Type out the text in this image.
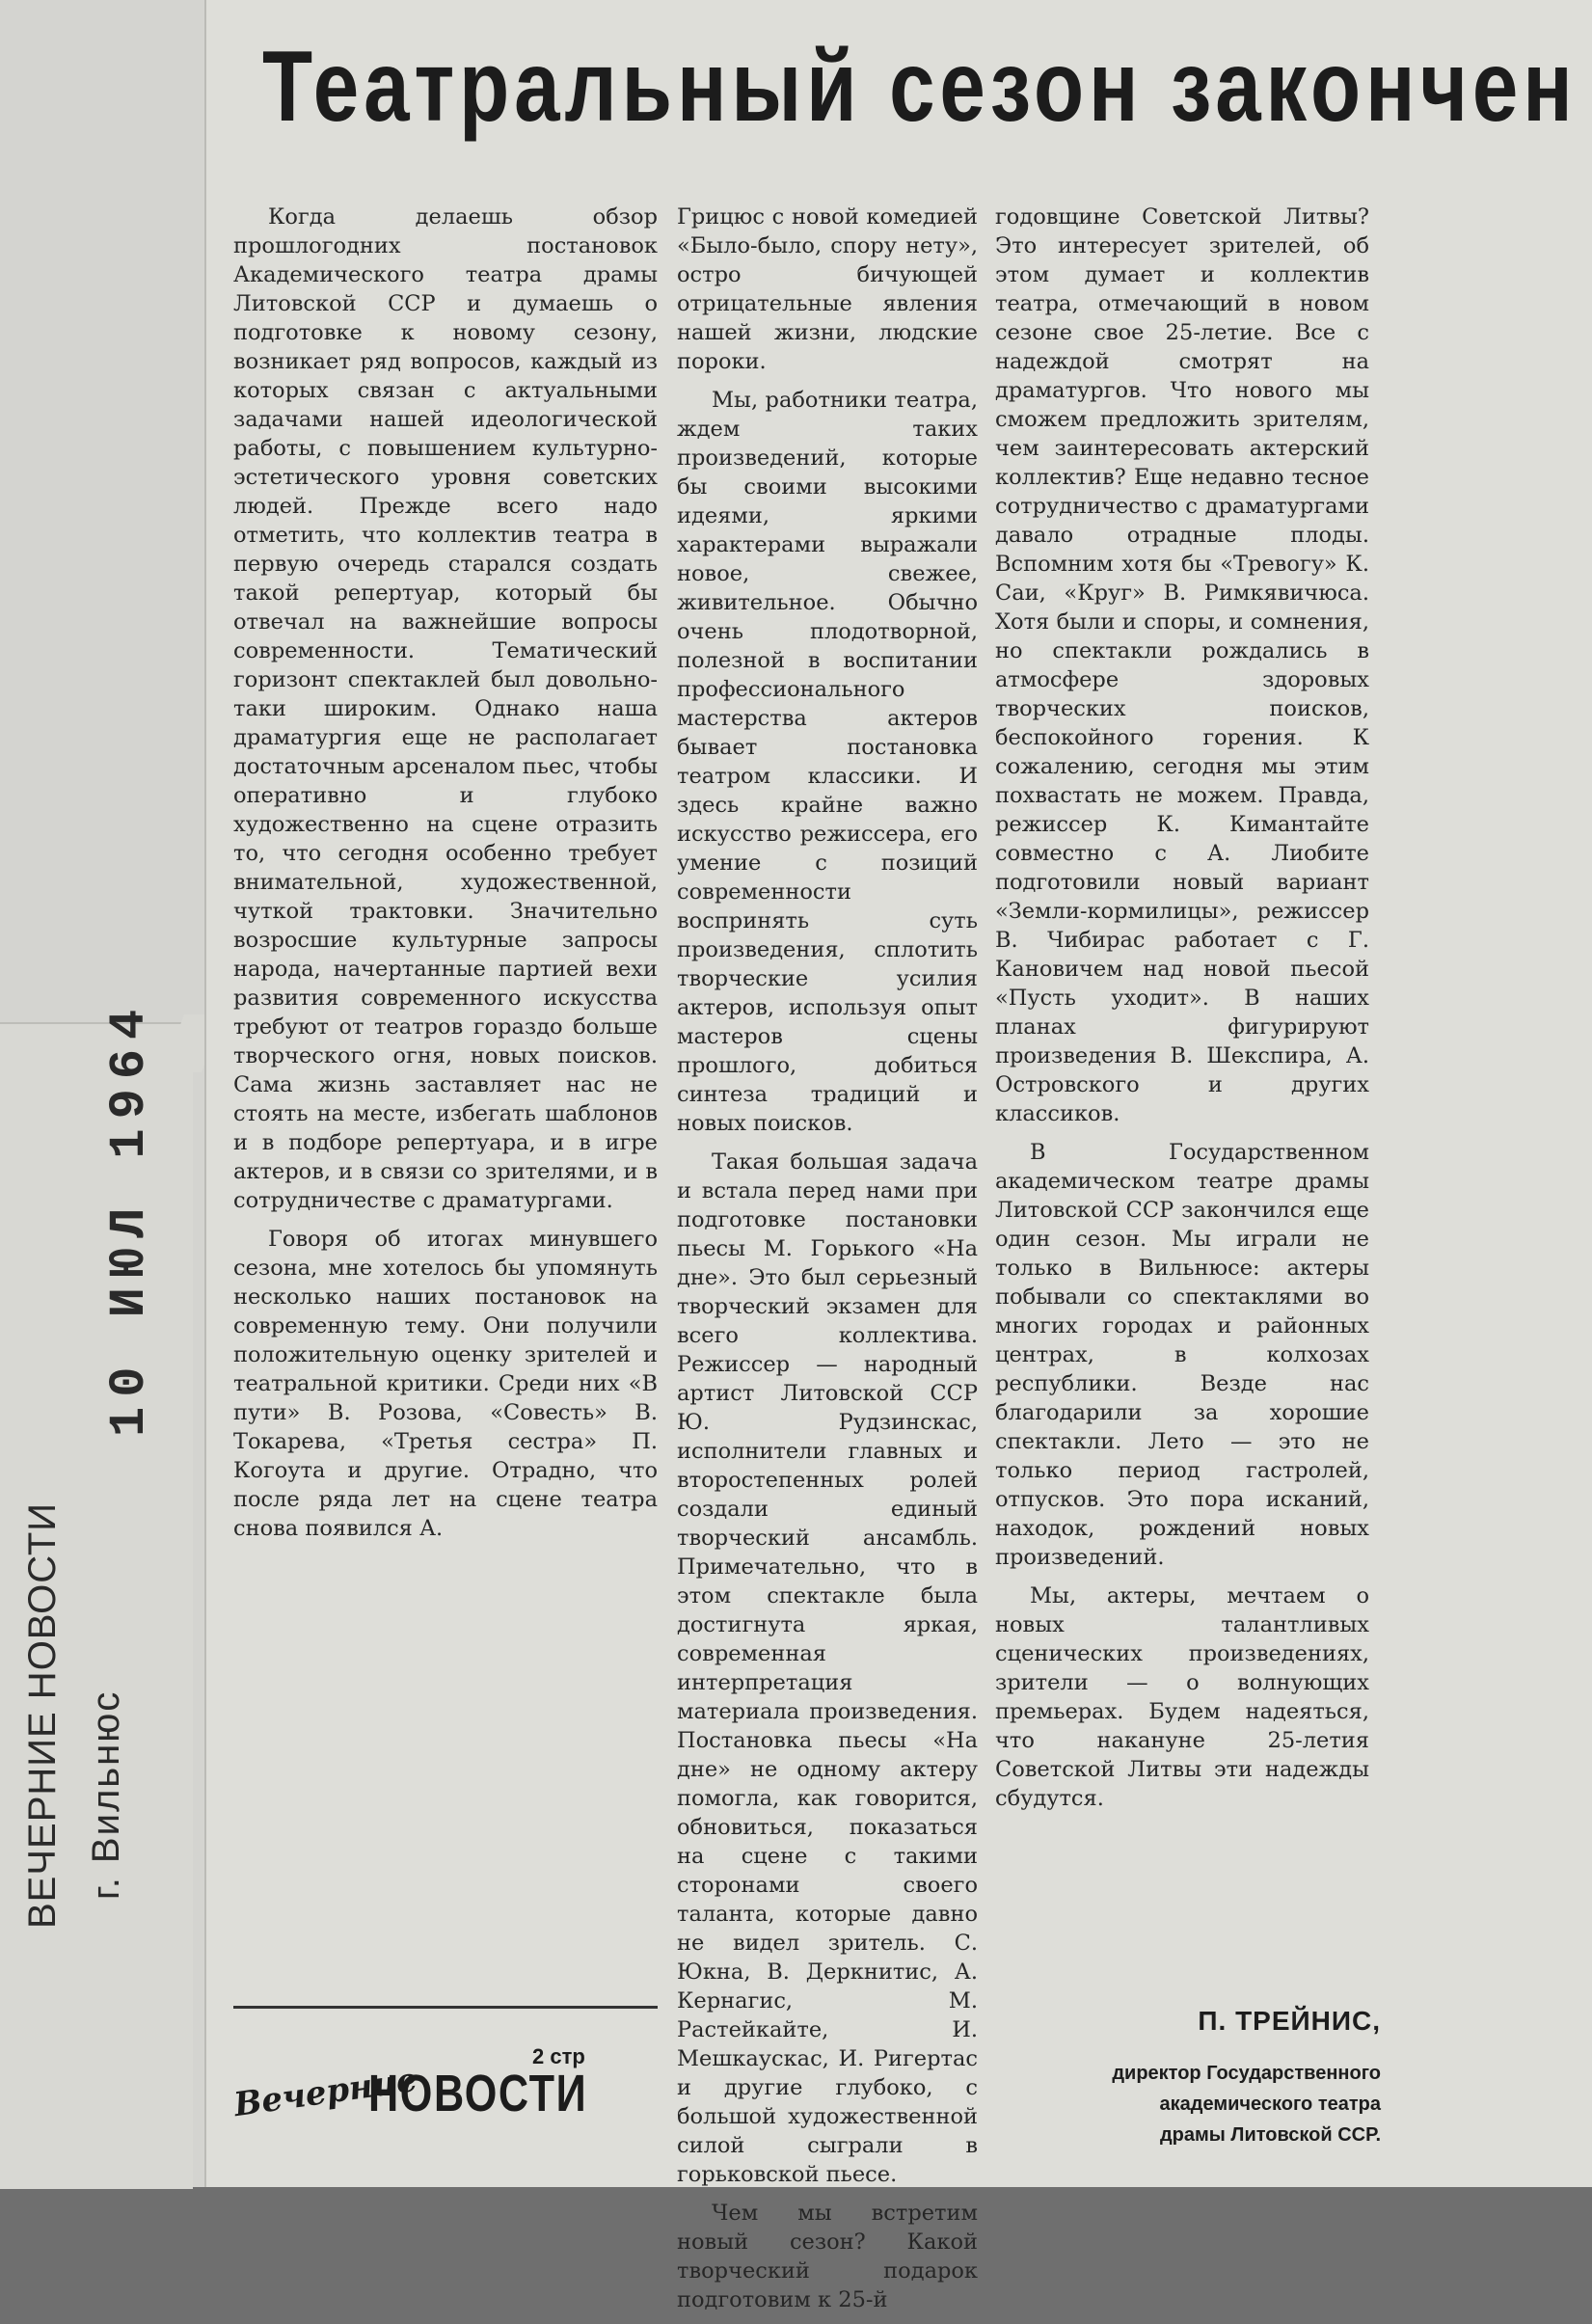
10 ИЮЛ 1964
ВЕЧЕРНИЕ НОВОСТИ г. Вильнюс
Театральный сезон закончен

Когда делаешь обзор прошлогодних постановок Академического театра драмы Литовской ССР и думаешь о подготовке к новому сезону, возникает ряд вопросов, каждый из которых связан с актуальными задачами нашей идеологической работы, с повышением культурно-эстетического уровня советских людей. Прежде всего надо отметить, что коллектив театра в первую очередь старался создать такой репертуар, который бы отвечал на важнейшие вопросы современности. Тематический горизонт спектаклей был довольно-таки широким. Однако наша драматургия еще не располагает достаточным арсеналом пьес, чтобы оперативно и глубоко художественно на сцене отразить то, что сегодня особенно требует внимательной, художественной, чуткой трактовки. Значительно возросшие культурные запросы народа, начертанные партией вехи развития современного искусства требуют от театров гораздо больше творческого огня, новых поисков. Сама жизнь заставляет нас не стоять на месте, избегать шаблонов и в подборе репертуара, и в игре актеров, и в связи со зрителями, и в сотрудничестве с драматургами.

Говоря об итогах минувшего сезона, мне хотелось бы упомянуть несколько наших постановок на современную тему. Они получили положительную оценку зрителей и театральной критики. Среди них «В пути» В. Розова, «Совесть» В. Токарева, «Третья сестра» П. Когоута и другие. Отрадно, что после ряда лет на сцене театра снова появился А.

Грицюс с новой комедией «Было-было, спору нету», остро бичующей отрицательные явления нашей жизни, людские пороки.

Мы, работники театра, ждем таких произведений, которые бы своими высокими идеями, яркими характерами выражали новое, свежее, живительное. Обычно очень плодотворной, полезной в воспитании профессионального мастерства актеров бывает постановка театром классики. И здесь крайне важно искусство режиссера, его умение с позиций современности воспринять суть произведения, сплотить творческие усилия актеров, используя опыт мастеров сцены прошлого, добиться синтеза традиций и новых поисков.

Такая большая задача и встала перед нами при подготовке постановки пьесы М. Горького «На дне». Это был серьезный творческий экзамен для всего коллектива. Режиссер — народный артист Литовской ССР Ю. Рудзинскас, исполнители главных и второстепенных ролей создали единый творческий ансамбль. Примечательно, что в этом спектакле была достигнута яркая, современная интерпретация материала произведения. Постановка пьесы «На дне» не одному актеру помогла, как говорится, обновиться, показаться на сцене с такими сторонами своего таланта, которые давно не видел зритель. С. Юкна, В. Деркнитис, А. Кернагис, М. Растейкайте, И. Мешкаускас, И. Ригертас и другие глубоко, с большой художественной силой сыграли в горьковской пьесе.

Чем мы встретим новый сезон? Какой творческий подарок подготовим к 25-й

годовщине Советской Литвы? Это интересует зрителей, об этом думает и коллектив театра, отмечающий в новом сезоне свое 25-летие. Все с надеждой смотрят на драматургов. Что нового мы сможем предложить зрителям, чем заинтересовать актерский коллектив? Еще недавно тесное сотрудничество с драматургами давало отрадные плоды. Вспомним хотя бы «Тревогу» К. Саи, «Круг» В. Римкявичюса. Хотя были и споры, и сомнения, но спектакли рождались в атмосфере здоровых творческих поисков, беспокойного горения. К сожалению, сегодня мы этим похвастать не можем. Правда, режиссер К. Кимантайте совместно с А. Лиобите подготовили новый вариант «Земли-кормилицы», режиссер В. Чибирас работает с Г. Кановичем над новой пьесой «Пусть уходит». В наших планах фигурируют произведения В. Шекспира, А. Островского и других классиков.

В Государственном академическом театре драмы Литовской ССР закончился еще один сезон. Мы играли не только в Вильнюсе: актеры побывали со спектаклями во многих городах и районных центрах, в колхозах республики. Везде нас благодарили за хорошие спектакли. Лето — это не только период гастролей, отпусков. Это пора исканий, находок, рождений новых произведений.

Мы, актеры, мечтаем о новых талантливых сценических произведениях, зрители — о волнующих премьерах. Будем надеяться, что накануне 25-летия Советской Литвы эти надежды сбудутся.

2 стр
Вечерние
НОВОСТИ
П. ТРЕЙНИС,
директор Государственного
академического театра
драмы Литовской ССР.
